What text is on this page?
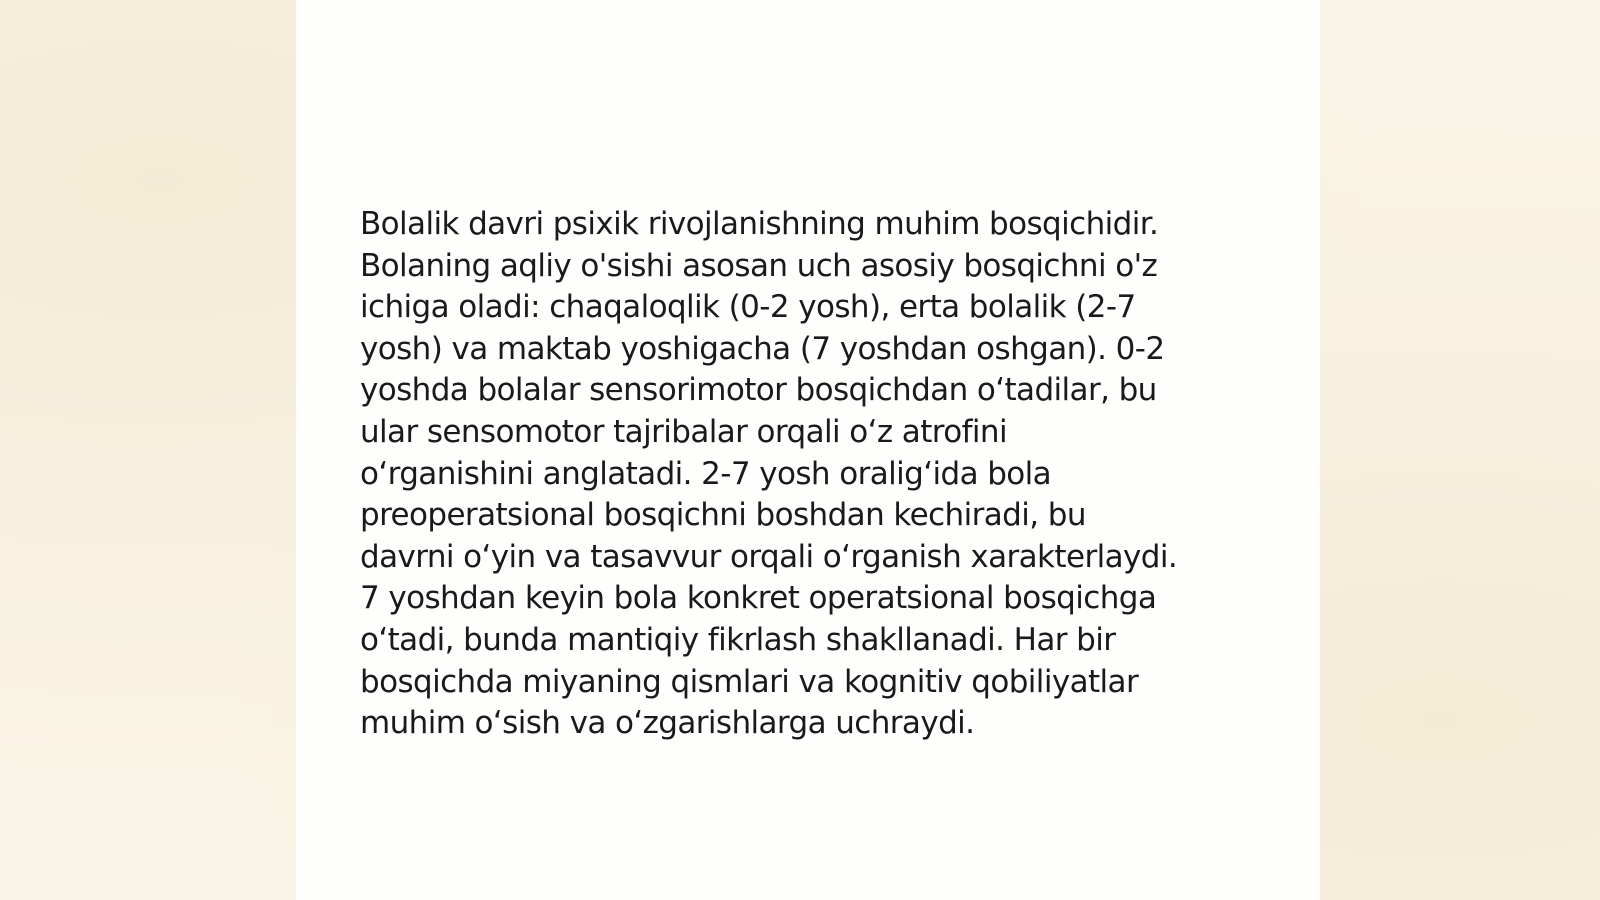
Bolalik davri psixik rivojlanishning muhim bosqichidir.
Bolaning aqliy o'sishi asosan uch asosiy bosqichni o'z
ichiga oladi: chaqaloqlik (0-2 yosh), erta bolalik (2-7
yosh) va maktab yoshigacha (7 yoshdan oshgan). 0-2
yoshda bolalar sensorimotor bosqichdan oʻtadilar, bu
ular sensomotor tajribalar orqali oʻz atrofini
oʻrganishini anglatadi. 2-7 yosh oraligʻida bola
preoperatsional bosqichni boshdan kechiradi, bu
davrni oʻyin va tasavvur orqali oʻrganish xarakterlaydi.
7 yoshdan keyin bola konkret operatsional bosqichga
oʻtadi, bunda mantiqiy fikrlash shakllanadi. Har bir
bosqichda miyaning qismlari va kognitiv qobiliyatlar
muhim oʻsish va oʻzgarishlarga uchraydi.
